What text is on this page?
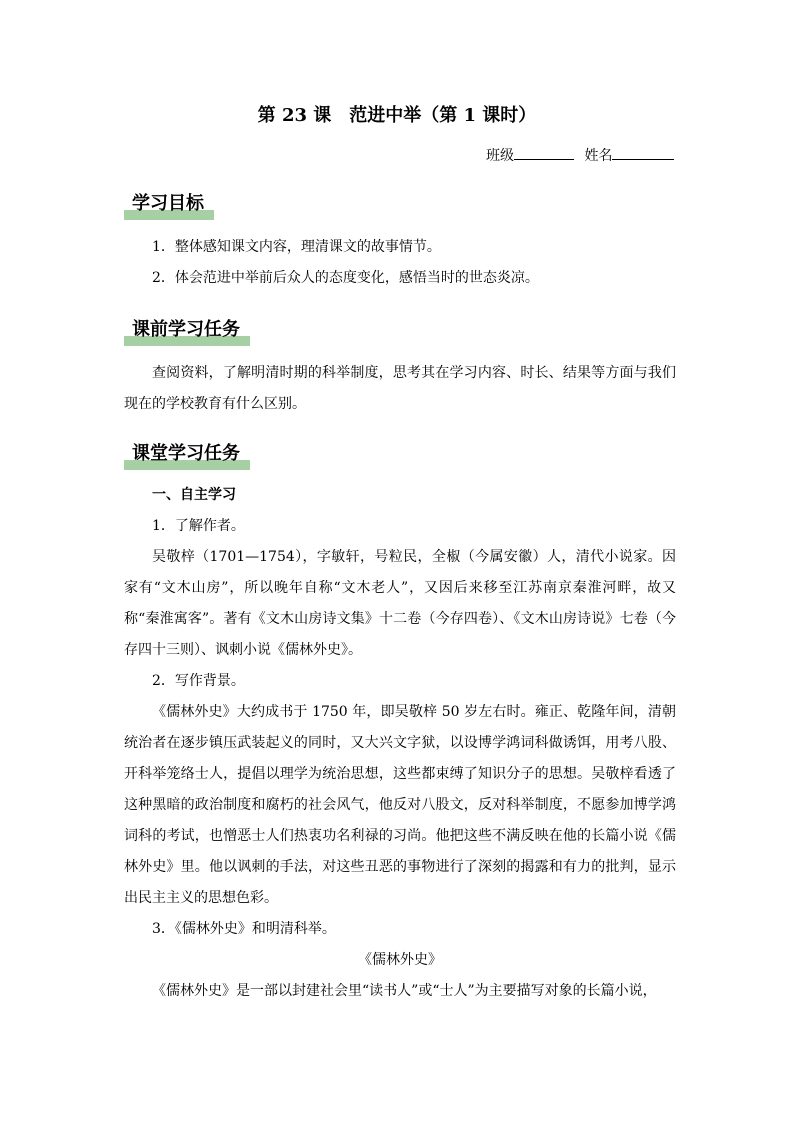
第 23 课　范进中举（第 1 课时）
班级	姓名
学习目标
1．整体感知课文内容，理清课文的故事情节。
2．体会范进中举前后众人的态度变化，感悟当时的世态炎凉。
课前学习任务
查阅资料，了解明清时期的科举制度，思考其在学习内容、时长、结果等方面与我们现在的学校教育有什么区别。
课堂学习任务
一、自主学习
1．了解作者。
吴敬梓（1701—1754），字敏轩，号粒民，全椒（今属安徽）人，清代小说家。因家有“文木山房”，所以晚年自称“文木老人”，又因后来移至江苏南京秦淮河畔，故又称“秦淮寓客”。著有《文木山房诗文集》十二卷（今存四卷）、《文木山房诗说》七卷（今存四十三则）、讽刺小说《儒林外史》。
2．写作背景。
《儒林外史》大约成书于 1750 年，即吴敬梓 50 岁左右时。雍正、乾隆年间，清朝统治者在逐步镇压武装起义的同时，又大兴文字狱，以设博学鸿词科做诱饵，用考八股、开科举笼络士人，提倡以理学为统治思想，这些都束缚了知识分子的思想。吴敬梓看透了这种黑暗的政治制度和腐朽的社会风气，他反对八股文，反对科举制度，不愿参加博学鸿词科的考试，也憎恶士人们热衷功名利禄的习尚。他把这些不满反映在他的长篇小说《儒林外史》里。他以讽刺的手法，对这些丑恶的事物进行了深刻的揭露和有力的批判，显示出民主主义的思想色彩。
3．《儒林外史》和明清科举。
《儒林外史》
《儒林外史》是一部以封建社会里“读书人”或“士人”为主要描写对象的长篇小说，
